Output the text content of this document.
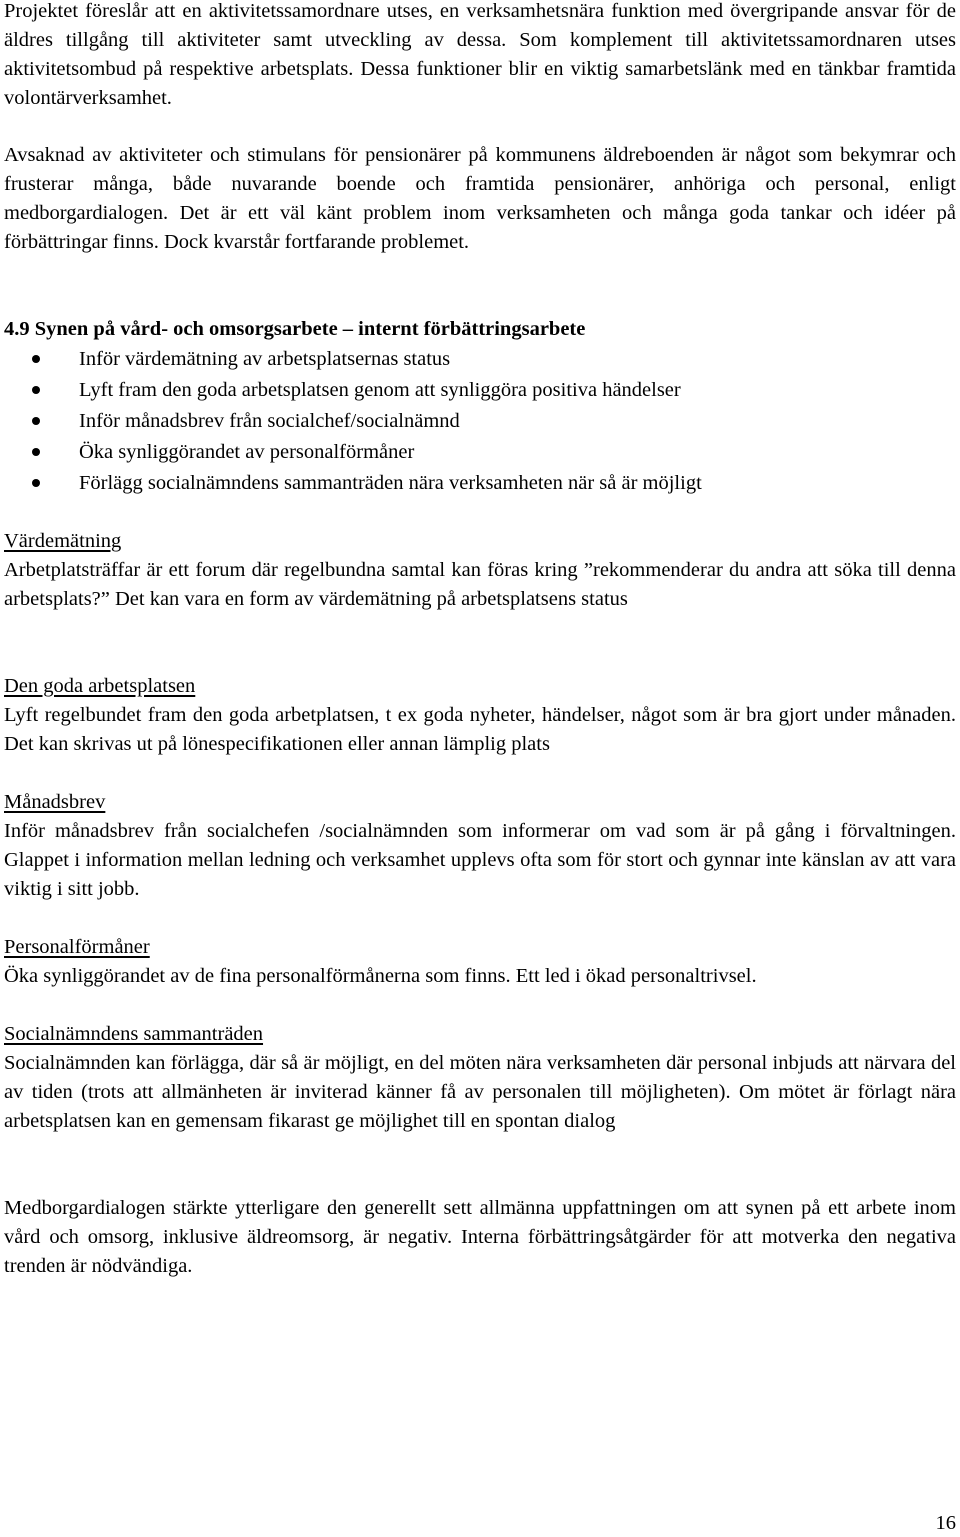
Projektet föreslår att en aktivitetssamordnare utses, en verksamhetsnära funktion med övergripande ansvar för de äldres tillgång till aktiviteter samt utveckling av dessa. Som komplement till aktivitetssamordnaren utses aktivitetsombud på respektive arbetsplats. Dessa funktioner blir en viktig samarbetslänk med en tänkbar framtida volontärverksamhet.

Avsaknad av aktiviteter och stimulans för pensionärer på kommunens äldreboenden är något som bekymrar och frusterar många, både nuvarande boende och framtida pensionärer, anhöriga och personal, enligt medborgardialogen. Det är ett väl känt problem inom verksamheten och många goda tankar och idéer på förbättringar finns. Dock kvarstår fortfarande problemet.

4.9 Synen på vård- och omsorgsarbete – internt förbättringsarbete
Inför värdemätning av arbetsplatsernas status
Lyft fram den goda arbetsplatsen genom att synliggöra positiva händelser
Inför månadsbrev från socialchef/socialnämnd
Öka synliggörandet av personalförmåner
Förlägg socialnämndens sammanträden nära verksamheten när så är möjligt

Värdemätning

Arbetplatsträffar är ett forum där regelbundna samtal kan föras kring ”rekommenderar du andra att söka till denna arbetsplats?” Det kan vara en form av värdemätning på arbetsplatsens status

Den goda arbetsplatsen

Lyft regelbundet fram den goda arbetplatsen, t ex goda nyheter, händelser, något som är bra gjort under månaden. Det kan skrivas ut på lönespecifikationen eller annan lämplig plats

Månadsbrev

Inför månadsbrev från socialchefen /socialnämnden som informerar om vad som är på gång i förvaltningen. Glappet i information mellan ledning och verksamhet upplevs ofta som för stort och gynnar inte känslan av att vara viktig i sitt jobb.

Personalförmåner

Öka synliggörandet av de fina personalförmånerna som finns. Ett led i ökad personaltrivsel.

Socialnämndens sammanträden

Socialnämnden kan förlägga, där så är möjligt, en del möten nära verksamheten där personal inbjuds att närvara del av tiden (trots att allmänheten är inviterad känner få av personalen till möjligheten). Om mötet är förlagt nära arbetsplatsen kan en gemensam fikarast ge möjlighet till en spontan dialog

Medborgardialogen stärkte ytterligare den generellt sett allmänna uppfattningen om att synen på ett arbete inom vård och omsorg, inklusive äldreomsorg, är negativ. Interna förbättringsåtgärder för att motverka den negativa trenden är nödvändiga.

16
